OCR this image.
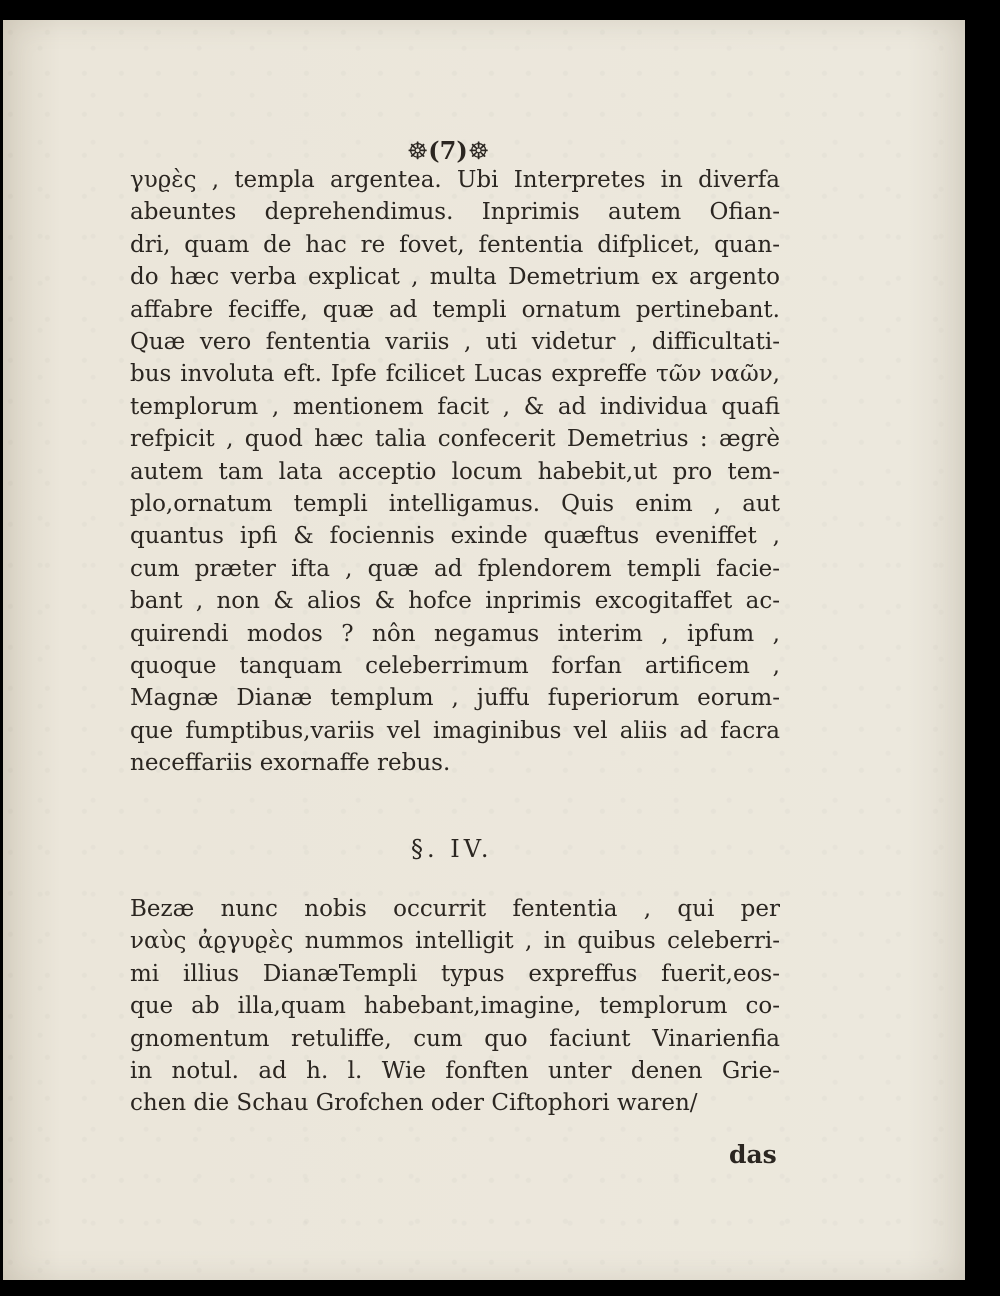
☸(7)☸
γυϱὲς , templa argentea. Ubi Interpretes in diverfa
abeuntes deprehendimus. Inprimis autem Ofian-
dri, quam de hac re fovet, fententia difplicet, quan-
do hæc verba explicat , multa Demetrium ex argento
affabre feciffe, quæ ad templi ornatum pertinebant.
Quæ vero fententia variis , uti videtur , difficultati-
bus involuta eft. Ipfe fcilicet Lucas expreffe τῶν ναῶν,
templorum , mentionem facit , & ad individua quafi
refpicit , quod hæc talia confecerit Demetrius : ægrè
autem tam lata acceptio locum habebit,ut pro tem-
plo,ornatum templi intelligamus. Quis enim , aut
quantus ipfi & fociennis exinde quæftus eveniffet ,
cum præter ifta , quæ ad fplendorem templi facie-
bant , non & alios & hofce inprimis excogitaffet ac-
quirendi modos ? nôn negamus interim , ipfum ,
quoque tanquam celeberrimum forfan artificem ,
Magnæ Dianæ templum , juffu fuperiorum eorum-
que fumptibus,variis vel imaginibus vel aliis ad facra
neceffariis exornaffe rebus.
§. IV.
Bezæ nunc nobis occurrit fententia , qui per
ναὺς ἀϱγυϱὲς nummos intelligit , in quibus celeberri-
mi illius DianæTempli typus expreffus fuerit,eos-
que ab illa,quam habebant,imagine, templorum co-
gnomentum retuliffe, cum quo faciunt Vinarienfia
in notul. ad h. l. Wie fonften unter denen Grie-
chen die Schau Grofchen oder Ciftophori waren/
das
